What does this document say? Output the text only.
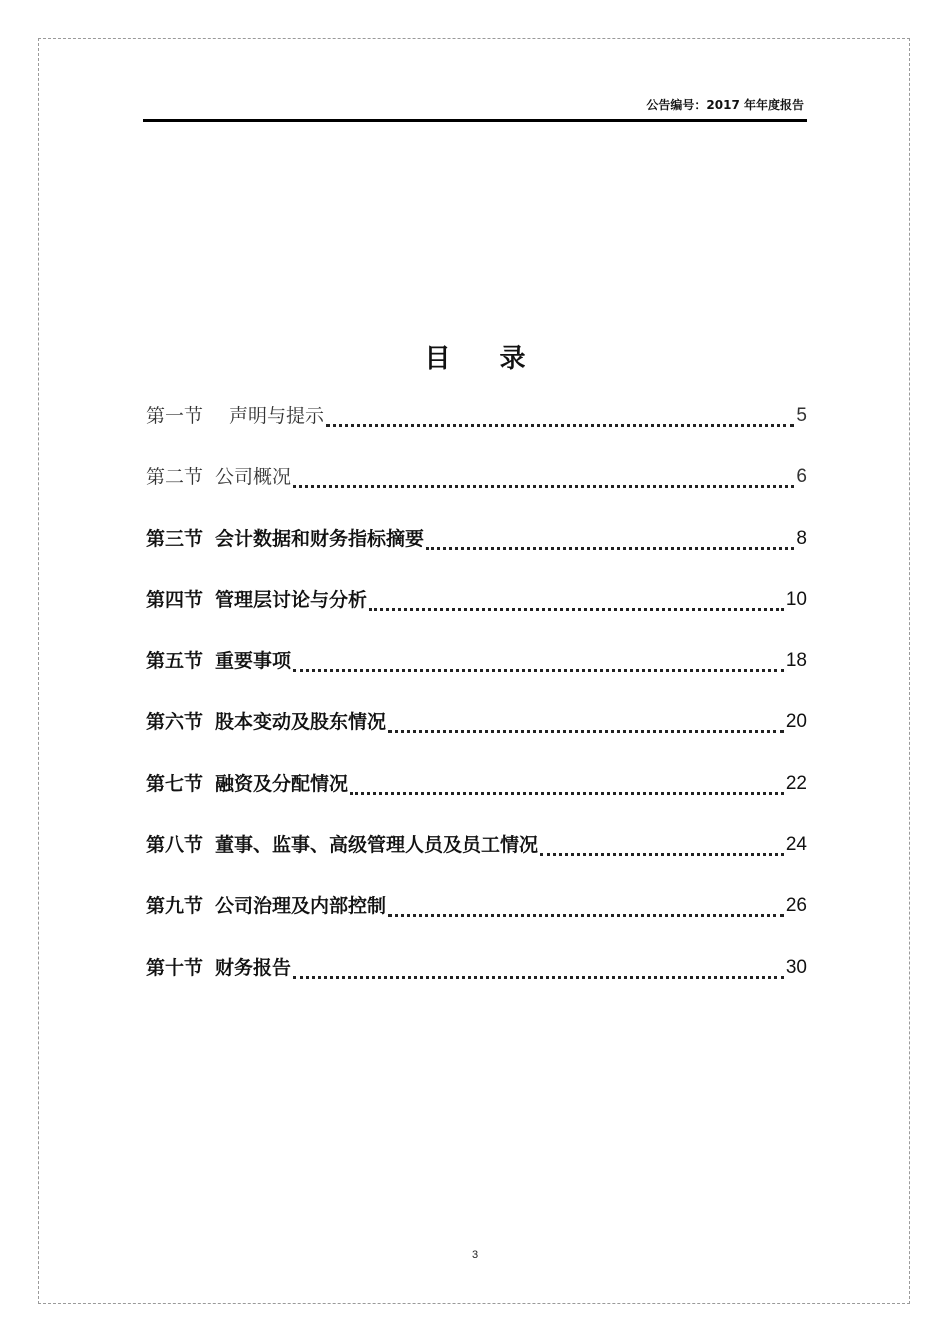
公告编号：2017 年年度报告
目 录
第一节 声明与提示	5
第二节 公司概况	6
第三节 会计数据和财务指标摘要	8
第四节 管理层讨论与分析	10
第五节 重要事项	18
第六节 股本变动及股东情况	20
第七节 融资及分配情况	22
第八节 董事、监事、高级管理人员及员工情况	24
第九节 公司治理及内部控制	26
第十节 财务报告	30
3
